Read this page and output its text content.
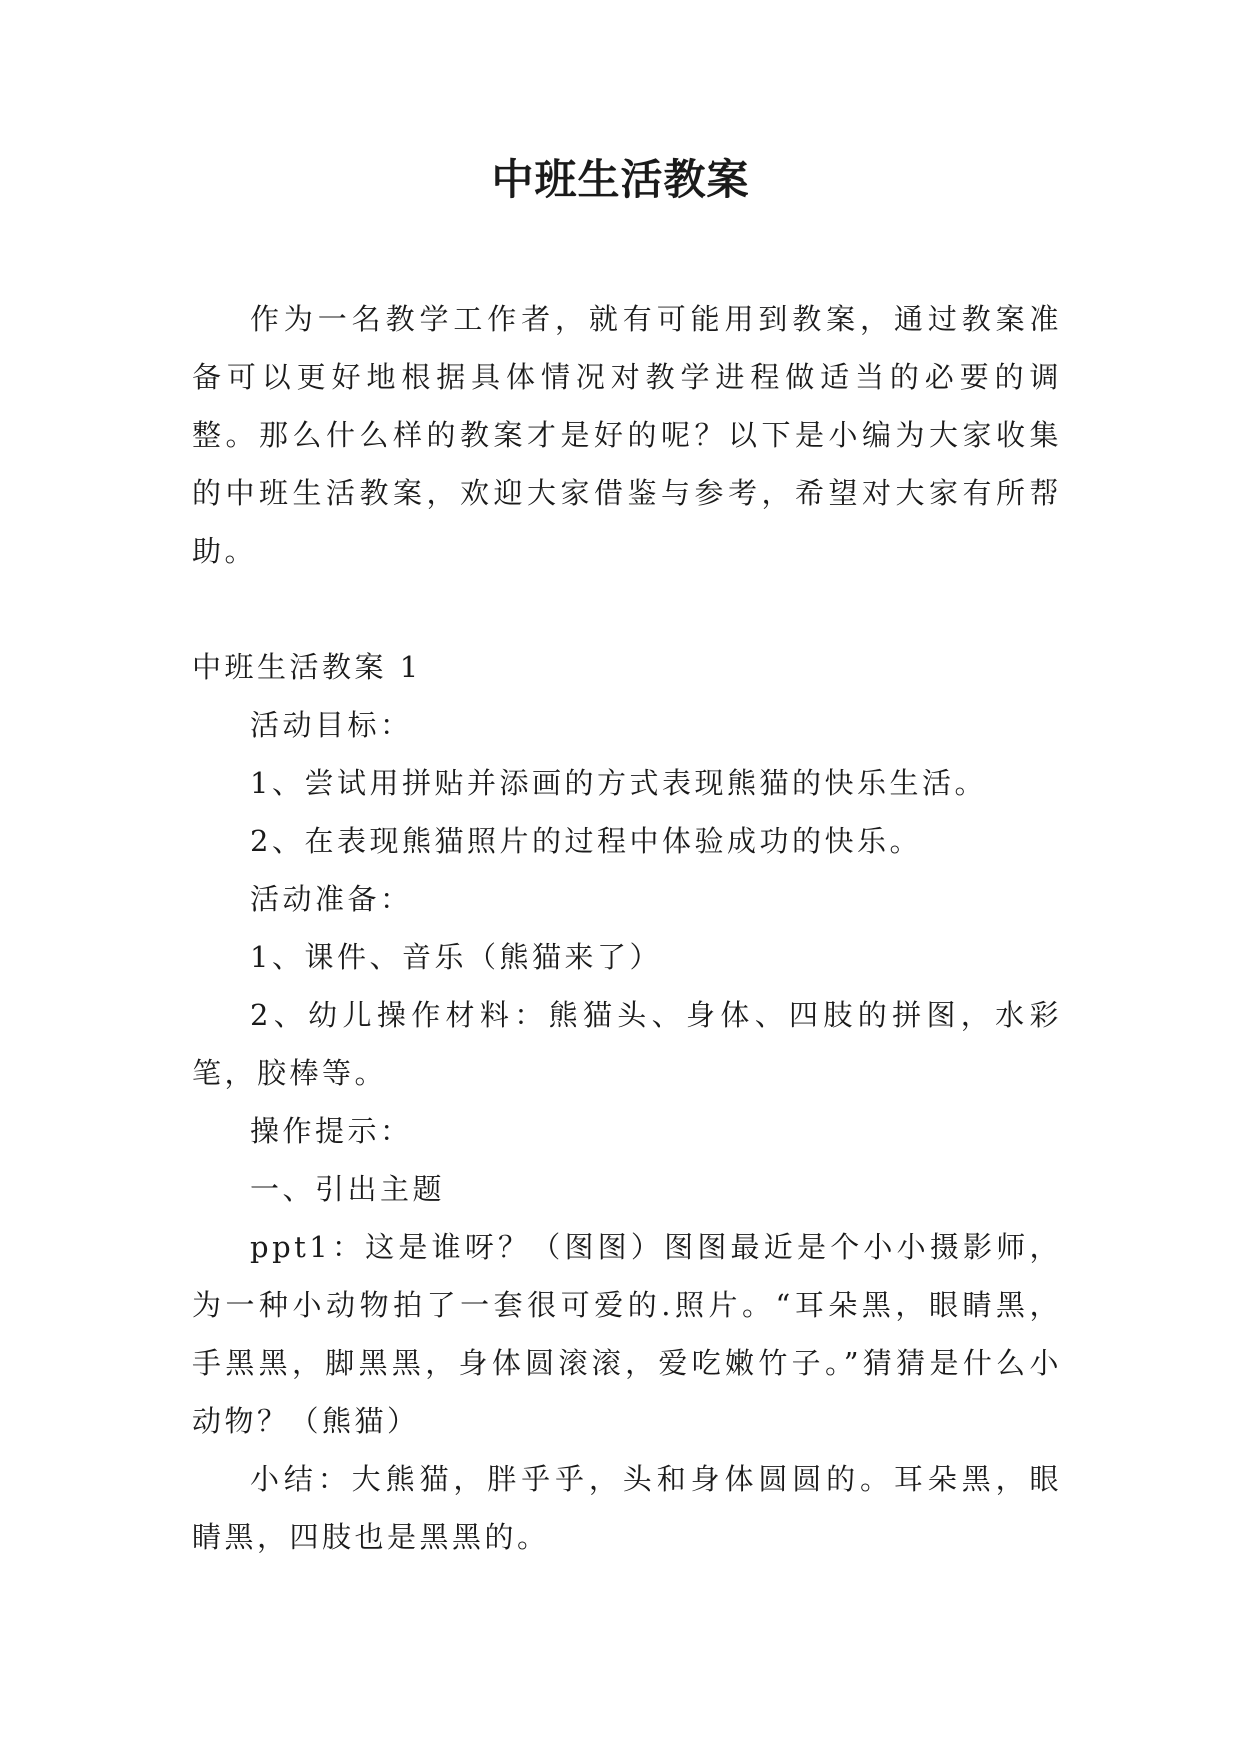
中班生活教案

作为一名教学工作者，就有可能用到教案，通过教案准备可以更好地根据具体情况对教学进程做适当的必要的调整。那么什么样的教案才是好的呢？以下是小编为大家收集的中班生活教案，欢迎大家借鉴与参考，希望对大家有所帮助。

中班生活教案 1

活动目标：

1、尝试用拼贴并添画的方式表现熊猫的快乐生活。

2、在表现熊猫照片的过程中体验成功的快乐。

活动准备：

1、课件、音乐（熊猫来了）

2、幼儿操作材料：熊猫头、身体、四肢的拼图，水彩笔，胶棒等。

操作提示：

一、引出主题

ppt1：这是谁呀？（图图）图图最近是个小小摄影师，为一种小动物拍了一套很可爱的.照片。“耳朵黑，眼睛黑，手黑黑，脚黑黑，身体圆滚滚，爱吃嫩竹子。”猜猜是什么小动物？（熊猫）

小结：大熊猫，胖乎乎，头和身体圆圆的。耳朵黑，眼睛黑，四肢也是黑黑的。
